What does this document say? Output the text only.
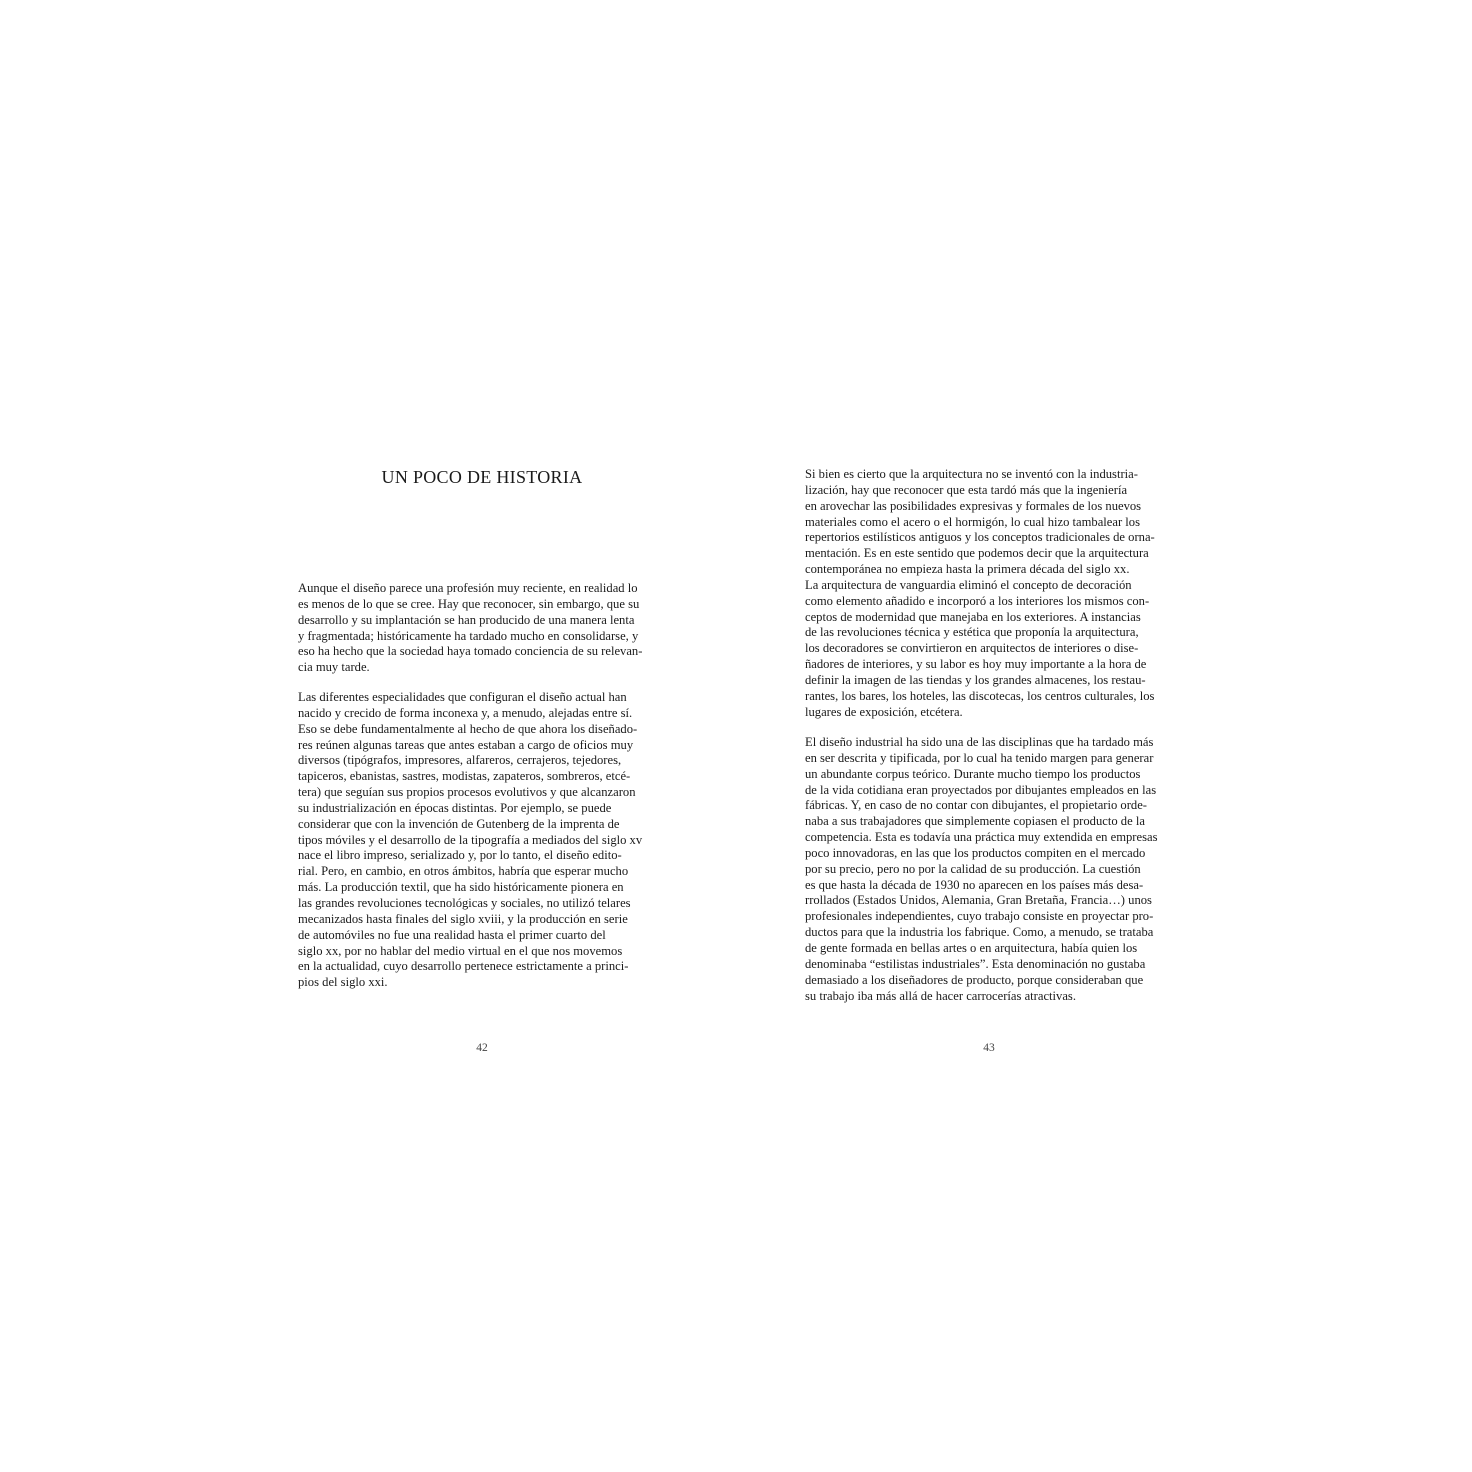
UN POCO DE HISTORIA

Aunque el diseño parece una profesión muy reciente, en realidad lo
es menos de lo que se cree. Hay que reconocer, sin embargo, que su
desarrollo y su implantación se han producido de una manera lenta
y fragmentada; históricamente ha tardado mucho en consolidarse, y
eso ha hecho que la sociedad haya tomado conciencia de su relevan-
cia muy tarde.

Las diferentes especialidades que configuran el diseño actual han
nacido y crecido de forma inconexa y, a menudo, alejadas entre sí.
Eso se debe fundamentalmente al hecho de que ahora los diseñado-
res reúnen algunas tareas que antes estaban a cargo de oficios muy
diversos (tipógrafos, impresores, alfareros, cerrajeros, tejedores,
tapiceros, ebanistas, sastres, modistas, zapateros, sombreros, etcé-
tera) que seguían sus propios procesos evolutivos y que alcanzaron
su industrialización en épocas distintas. Por ejemplo, se puede
considerar que con la invención de Gutenberg de la imprenta de
tipos móviles y el desarrollo de la tipografía a mediados del siglo xv
nace el libro impreso, serializado y, por lo tanto, el diseño edito-
rial. Pero, en cambio, en otros ámbitos, habría que esperar mucho
más. La producción textil, que ha sido históricamente pionera en
las grandes revoluciones tecnológicas y sociales, no utilizó telares
mecanizados hasta finales del siglo xviii, y la producción en serie
de automóviles no fue una realidad hasta el primer cuarto del
siglo xx, por no hablar del medio virtual en el que nos movemos
en la actualidad, cuyo desarrollo pertenece estrictamente a princi-
pios del siglo xxi.

42

Si bien es cierto que la arquitectura no se inventó con la industria-
lización, hay que reconocer que esta tardó más que la ingeniería
en arovechar las posibilidades expresivas y formales de los nuevos
materiales como el acero o el hormigón, lo cual hizo tambalear los
repertorios estilísticos antiguos y los conceptos tradicionales de orna-
mentación. Es en este sentido que podemos decir que la arquitectura
contemporánea no empieza hasta la primera década del siglo xx.
La arquitectura de vanguardia eliminó el concepto de decoración
como elemento añadido e incorporó a los interiores los mismos con-
ceptos de modernidad que manejaba en los exteriores. A instancias
de las revoluciones técnica y estética que proponía la arquitectura,
los decoradores se convirtieron en arquitectos de interiores o dise-
ñadores de interiores, y su labor es hoy muy importante a la hora de
definir la imagen de las tiendas y los grandes almacenes, los restau-
rantes, los bares, los hoteles, las discotecas, los centros culturales, los
lugares de exposición, etcétera.

El diseño industrial ha sido una de las disciplinas que ha tardado más
en ser descrita y tipificada, por lo cual ha tenido margen para generar
un abundante corpus teórico. Durante mucho tiempo los productos
de la vida cotidiana eran proyectados por dibujantes empleados en las
fábricas. Y, en caso de no contar con dibujantes, el propietario orde-
naba a sus trabajadores que simplemente copiasen el producto de la
competencia. Esta es todavía una práctica muy extendida en empresas
poco innovadoras, en las que los productos compiten en el mercado
por su precio, pero no por la calidad de su producción. La cuestión
es que hasta la década de 1930 no aparecen en los países más desa-
rrollados (Estados Unidos, Alemania, Gran Bretaña, Francia…) unos
profesionales independientes, cuyo trabajo consiste en proyectar pro-
ductos para que la industria los fabrique. Como, a menudo, se trataba
de gente formada en bellas artes o en arquitectura, había quien los
denominaba “estilistas industriales”. Esta denominación no gustaba
demasiado a los diseñadores de producto, porque consideraban que
su trabajo iba más allá de hacer carrocerías atractivas.

43
